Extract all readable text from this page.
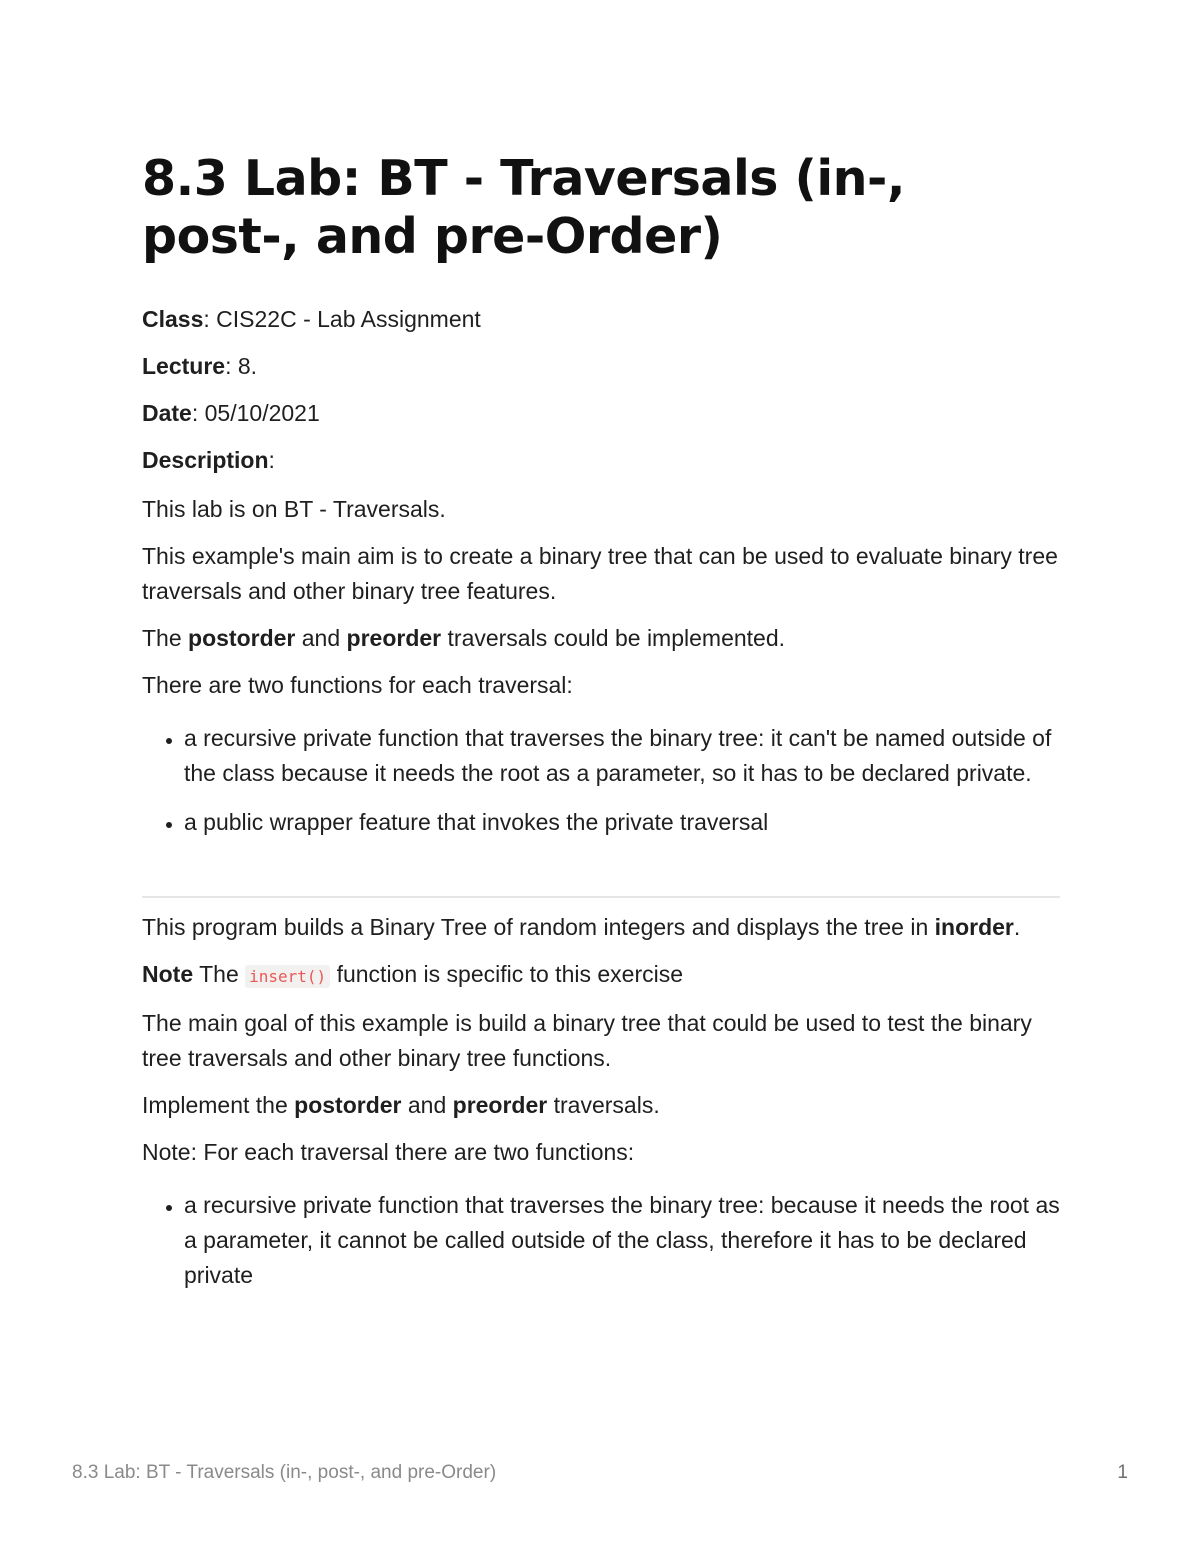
8.3 Lab: BT - Traversals (in-, post-, and pre-Order)
Class: CIS22C - Lab Assignment
Lecture: 8.
Date: 05/10/2021
Description:

This lab is on BT - Traversals.

This example's main aim is to create a binary tree that can be used to evaluate binary tree traversals and other binary tree features.

The postorder and preorder traversals could be implemented.

There are two functions for each traversal:

• a recursive private function that traverses the binary tree: it can't be named outside of the class because it needs the root as a parameter, so it has to be declared private.
• a public wrapper feature that invokes the private traversal

This program builds a Binary Tree of random integers and displays the tree in inorder.

Note The insert() function is specific to this exercise

The main goal of this example is build a binary tree that could be used to test the binary tree traversals and other binary tree functions.

Implement the postorder and preorder traversals.

Note: For each traversal there are two functions:

• a recursive private function that traverses the binary tree: because it needs the root as a parameter, it cannot be called outside of the class, therefore it has to be declared private
8.3 Lab: BT - Traversals (in-, post-, and pre-Order)	1
